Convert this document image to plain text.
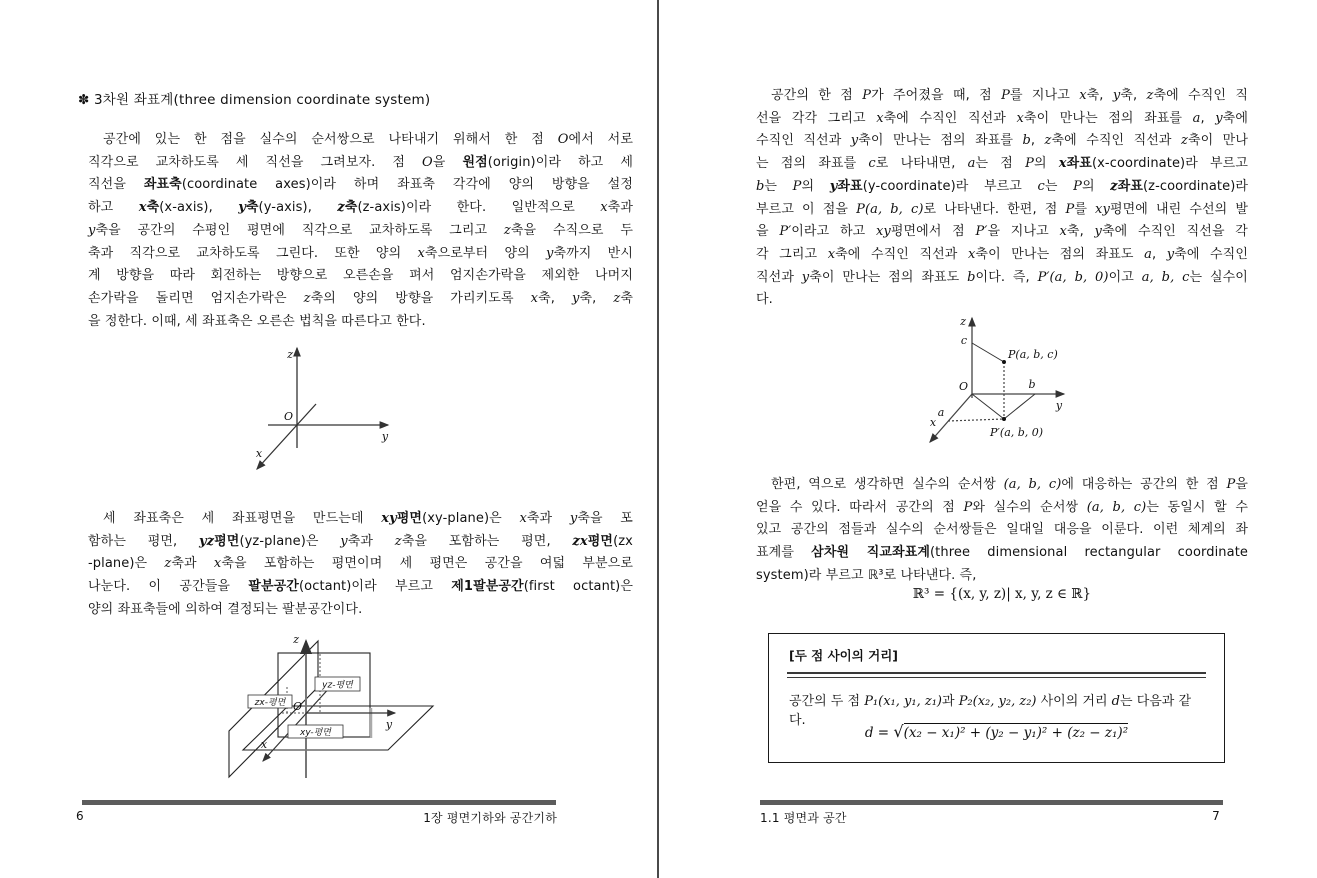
✽ 3차원 좌표계(three dimension coordinate system)
공간에 있는 한 점을 실수의 순서쌍으로 나타내기 위해서 한 점 O에서 서로
직각으로 교차하도록 세 직선을 그려보자. 점 O을 원점(origin)이라 하고 세
직선을 좌표축(coordinate axes)이라 하며 좌표축 각각에 양의 방향을 설정
하고 x축(x-axis), y축(y-axis), z축(z-axis)이라 한다. 일반적으로 x축과
y축을 공간의 수평인 평면에 직각으로 교차하도록 그리고 z축을 수직으로 두
축과 직각으로 교차하도록 그린다. 또한 양의 x축으로부터 양의 y축까지 반시
계 방향을 따라 회전하는 방향으로 오른손을 펴서 엄지손가락을 제외한 나머지
손가락을 돌리면 엄지손가락은 z축의 양의 방향을 가리키도록 x축, y축, z축
을 정한다. 이때, 세 좌표축은 오른손 법칙을 따른다고 한다.
z
O
y
x
세 좌표축은 세 좌표평면을 만드는데 xy평면(xy-plane)은 x축과 y축을 포
함하는 평면, yz평면(yz-plane)은 y축과 z축을 포함하는 평면, zx평면(zx
-plane)은 z축과 x축을 포함하는 평면이며 세 평면은 공간을 여덟 부분으로
나눈다. 이 공간들을 팔분공간(octant)이라 부르고 제1팔분공간(first octant)은
양의 좌표축들에 의하여 결정되는 팔분공간이다.
yz-평면
zx-평면
xy-평면
z
O
y
x
6	1장 평면기하와 공간기하
공간의 한 점 P가 주어졌을 때, 점 P를 지나고 x축, y축, z축에 수직인 직
선을 각각 그리고 x축에 수직인 직선과 x축이 만나는 점의 좌표를 a, y축에
수직인 직선과 y축이 만나는 점의 좌표를 b, z축에 수직인 직선과 z축이 만나
는 점의 좌표를 c로 나타내면, a는 점 P의 x좌표(x-coordinate)라 부르고
b는 P의 y좌표(y-coordinate)라 부르고 c는 P의 z좌표(z-coordinate)라
부르고 이 점을 P(a, b, c)로 나타낸다. 한편, 점 P를 xy평면에 내린 수선의 발
을 P′이라고 하고 xy평면에서 점 P′을 지나고 x축, y축에 수직인 직선을 각
각 그리고 x축에 수직인 직선과 x축이 만나는 점의 좌표도 a, y축에 수직인
직선과 y축이 만나는 점의 좌표도 b이다. 즉, P′(a, b, 0)이고 a, b, c는 실수이
다.
z
c
O	b
a
y
x
P(a, b, c)
P′(a, b, 0)
한편, 역으로 생각하면 실수의 순서쌍 (a, b, c)에 대응하는 공간의 한 점 P을
얻을 수 있다. 따라서 공간의 점 P와 실수의 순서쌍 (a, b, c)는 동일시 할 수
있고 공간의 점들과 실수의 순서쌍들은 일대일 대응을 이룬다. 이런 체계의 좌
표계를 삼차원 직교좌표계(three dimensional rectangular coordinate
system)라 부르고 ℝ³로 나타낸다. 즉,
ℝ³ = {(x, y, z)| x, y, z ∈ ℝ}
[두 점 사이의 거리]
공간의 두 점 P₁(x₁, y₁, z₁)과 P₂(x₂, y₂, z₂) 사이의 거리 d는 다음과 같다.
d = √(x₂ − x₁)² + (y₂ − y₁)² + (z₂ − z₁)²
1.1 평면과 공간	7
